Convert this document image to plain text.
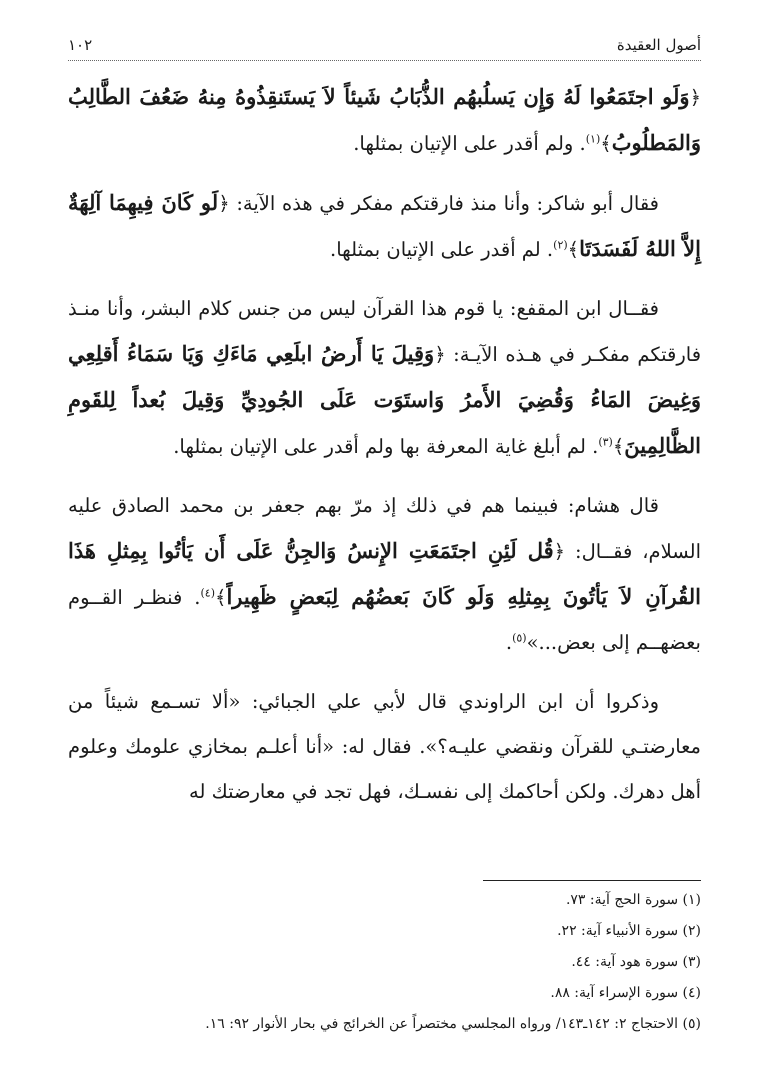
أصول العقيدة
١٠٢

﴿وَلَو اجتَمَعُوا لَهُ وَإِن يَسلُبهُم الذُّبَابُ شَيئاً لاَ يَستَنقِذُوهُ مِنهُ ضَعُفَ الطَّالِبُ وَالمَطلُوبُ﴾$^{(١)}$. ولم أقدر على الإتيان بمثلها.

فقال أبو شاكر: وأنا منذ فارقتكم مفكر في هذه الآية: ﴿لَو كَانَ فِيهِمَا آلِهَةٌ إِلاَّ اللهُ لَفَسَدَتَا﴾$^{(٢)}$. لم أقدر على الإتيان بمثلها.

فقــال ابن المقفع: يا قوم هذا القرآن ليس من جنس كلام البشر، وأنا منـذ فارقتكم مفكـر في هـذه الآيـة: ﴿وَقِيلَ يَا أَرضُ ابلَعِي مَاءَكِ وَيَا سَمَاءُ أَقلِعِي وَغِيضَ المَاءُ وَقُضِيَ الأَمرُ وَاستَوَت عَلَى الجُودِيِّ وَقِيلَ بُعداً لِلقَومِ الظَّالِمِينَ﴾$^{(٣)}$. لم أبلغ غاية المعرفة بها ولم أقدر على الإتيان بمثلها.

قال هشام: فبينما هم في ذلك إذ مرّ بهم جعفر بن محمد الصادق عليه السلام، فقــال: ﴿قُل لَئِنِ اجتَمَعَتِ الإِنسُ وَالجِنُّ عَلَى أَن يَأتُوا بِمِثلِ هَذَا القُرآنِ لاَ يَأتُونَ بِمِثلِهِ وَلَو كَانَ بَعضُهُم لِبَعضٍ ظَهِيراً﴾$^{(٤)}$. فنظـر القــوم بعضهــم إلى بعض...»$^{(٥)}$.

وذكروا أن ابن الراوندي قال لأبي علي الجبائي: «ألا تسـمع شيئاً من معارضتـي للقرآن ونقضي عليـه؟». فقال له: «أنا أعلـم بمخازي علومك وعلوم أهل دهرك. ولكن أحاكمك إلى نفسـك، فهل تجد في معارضتك له

(١) سورة الحج آية: ٧٣.
(٢) سورة الأنبياء آية: ٢٢.
(٣) سورة هود آية: ٤٤.
(٤) سورة الإسراء آية: ٨٨.
(٥) الاحتجاج ٢: ١٤٢ـ١٤٣/ ورواه المجلسي مختصراً عن الخرائج في بحار الأنوار ٩٢: ١٦.
